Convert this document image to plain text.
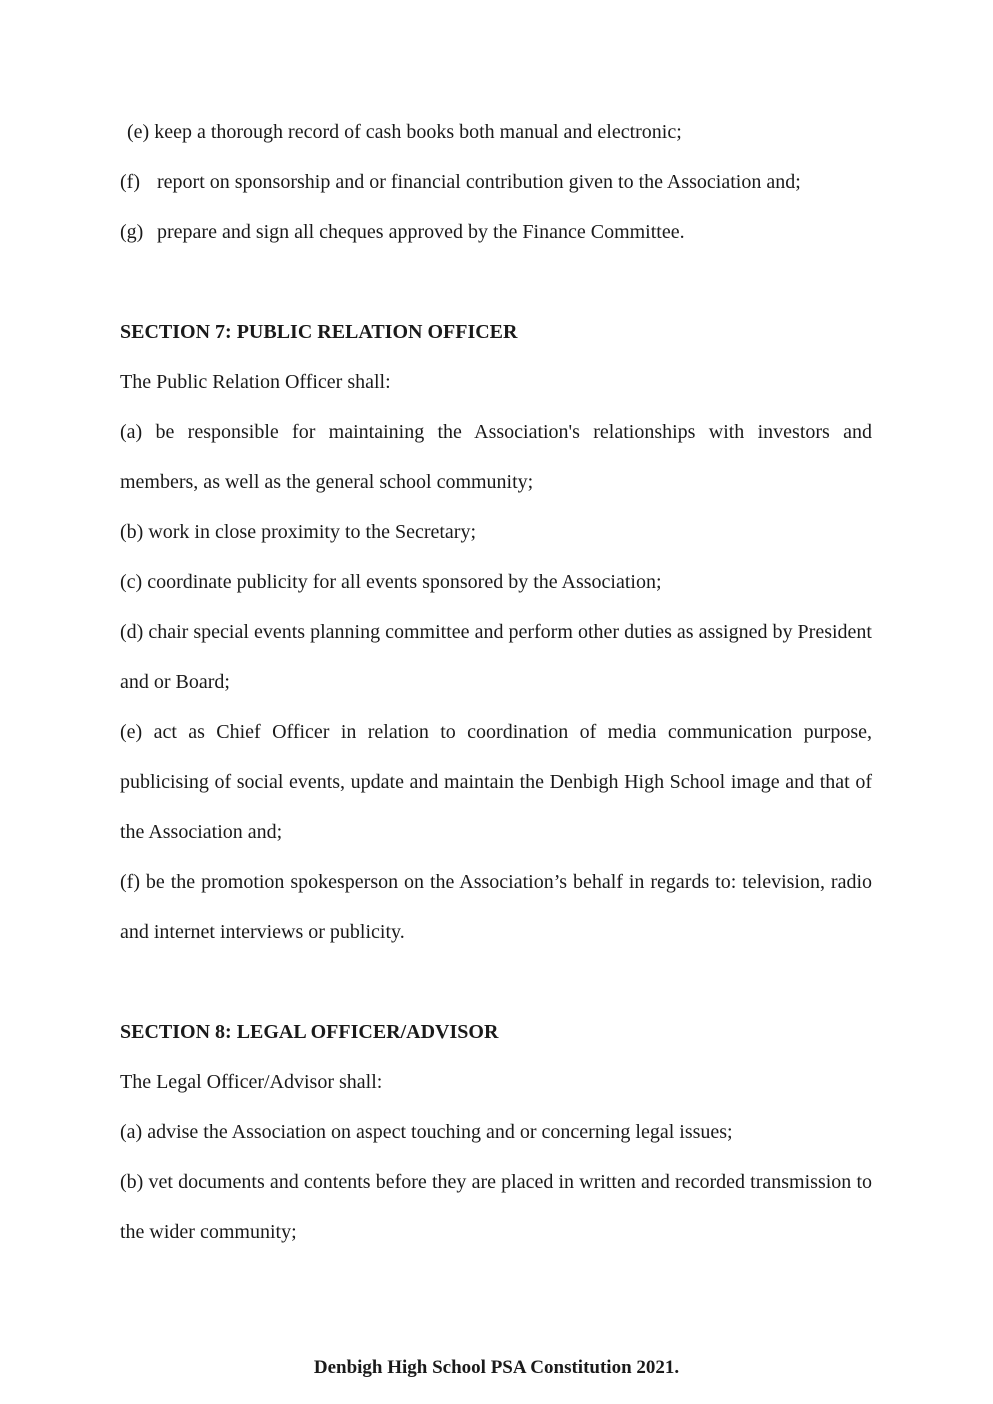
(e) keep a thorough record of cash books both manual and electronic;

(f) report on sponsorship and or financial contribution given to the Association and;

(g) prepare and sign all cheques approved by the Finance Committee.

SECTION 7: PUBLIC RELATION OFFICER

The Public Relation Officer shall:

(a) be responsible for maintaining the Association's relationships with investors and members, as well as the general school community;

(b) work in close proximity to the Secretary;

(c) coordinate publicity for all events sponsored by the Association;

(d) chair special events planning committee and perform other duties as assigned by President and or Board;

(e) act as Chief Officer in relation to coordination of media communication purpose, publicising of social events, update and maintain the Denbigh High School image and that of the Association and;

(f) be the promotion spokesperson on the Association’s behalf in regards to: television, radio and internet interviews or publicity.

SECTION 8: LEGAL OFFICER/ADVISOR

The Legal Officer/Advisor shall:

(a) advise the Association on aspect touching and or concerning legal issues;

(b) vet documents and contents before they are placed in written and recorded transmission to the wider community;

Denbigh High School PSA Constitution 2021.
